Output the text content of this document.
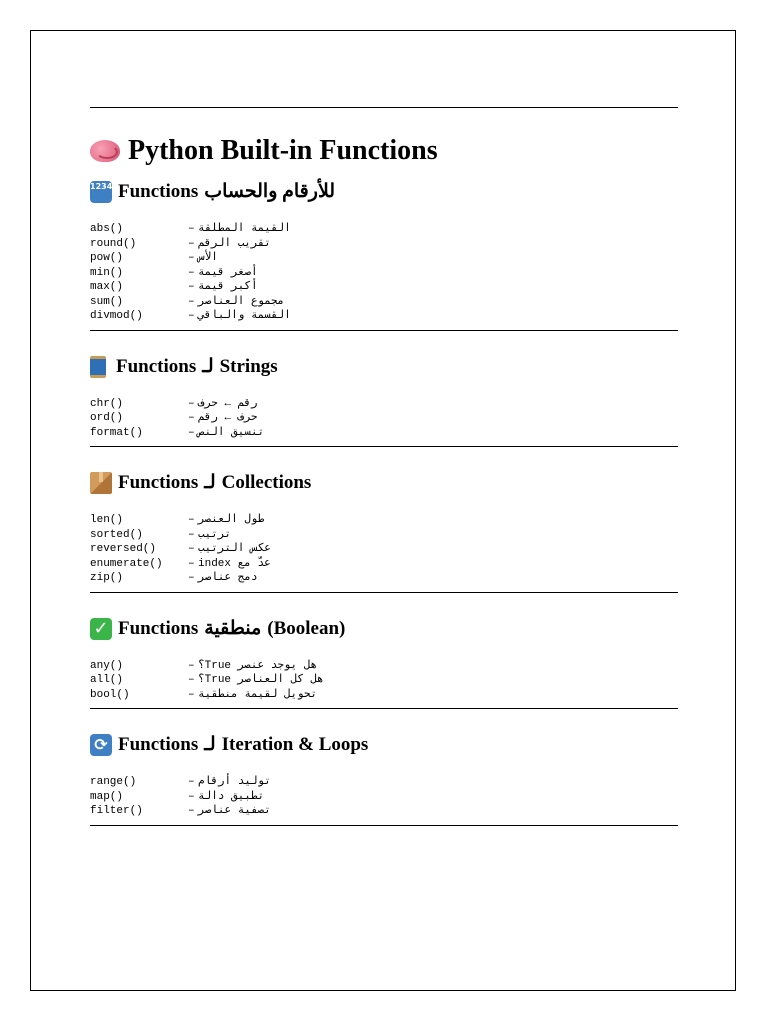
Python Built-in Functions
1234 Functions للأرقام والحساب
abs()	– القيمة المطلقة
round()	– تقريب الرقم
pow()	– الأس
min()	– أصغر قيمة
max()	– أكبر قيمة
sum()	– مجموع العناصر
divmod()	– القسمة والباقي
Functions لـ Strings
chr()	– رقم ← حرف
ord()	– حرف ← رقم
format()	– تنسيق النص
Functions لـ Collections
len()	– طول العنصر
sorted()	– ترتيب
reversed()	– عكس الترتيب
enumerate()	– عدّ مع index
zip()	– دمج عناصر
✓ Functions منطقية (Boolean)
any()	– هل يوجد عنصر True؟
all()	– هل كل العناصر True؟
bool()	– تحويل لقيمة منطقية
⟳ Functions لـ Iteration & Loops
range()	– توليد أرقام
map()	– تطبيق دالة
filter()	– تصفية عناصر
